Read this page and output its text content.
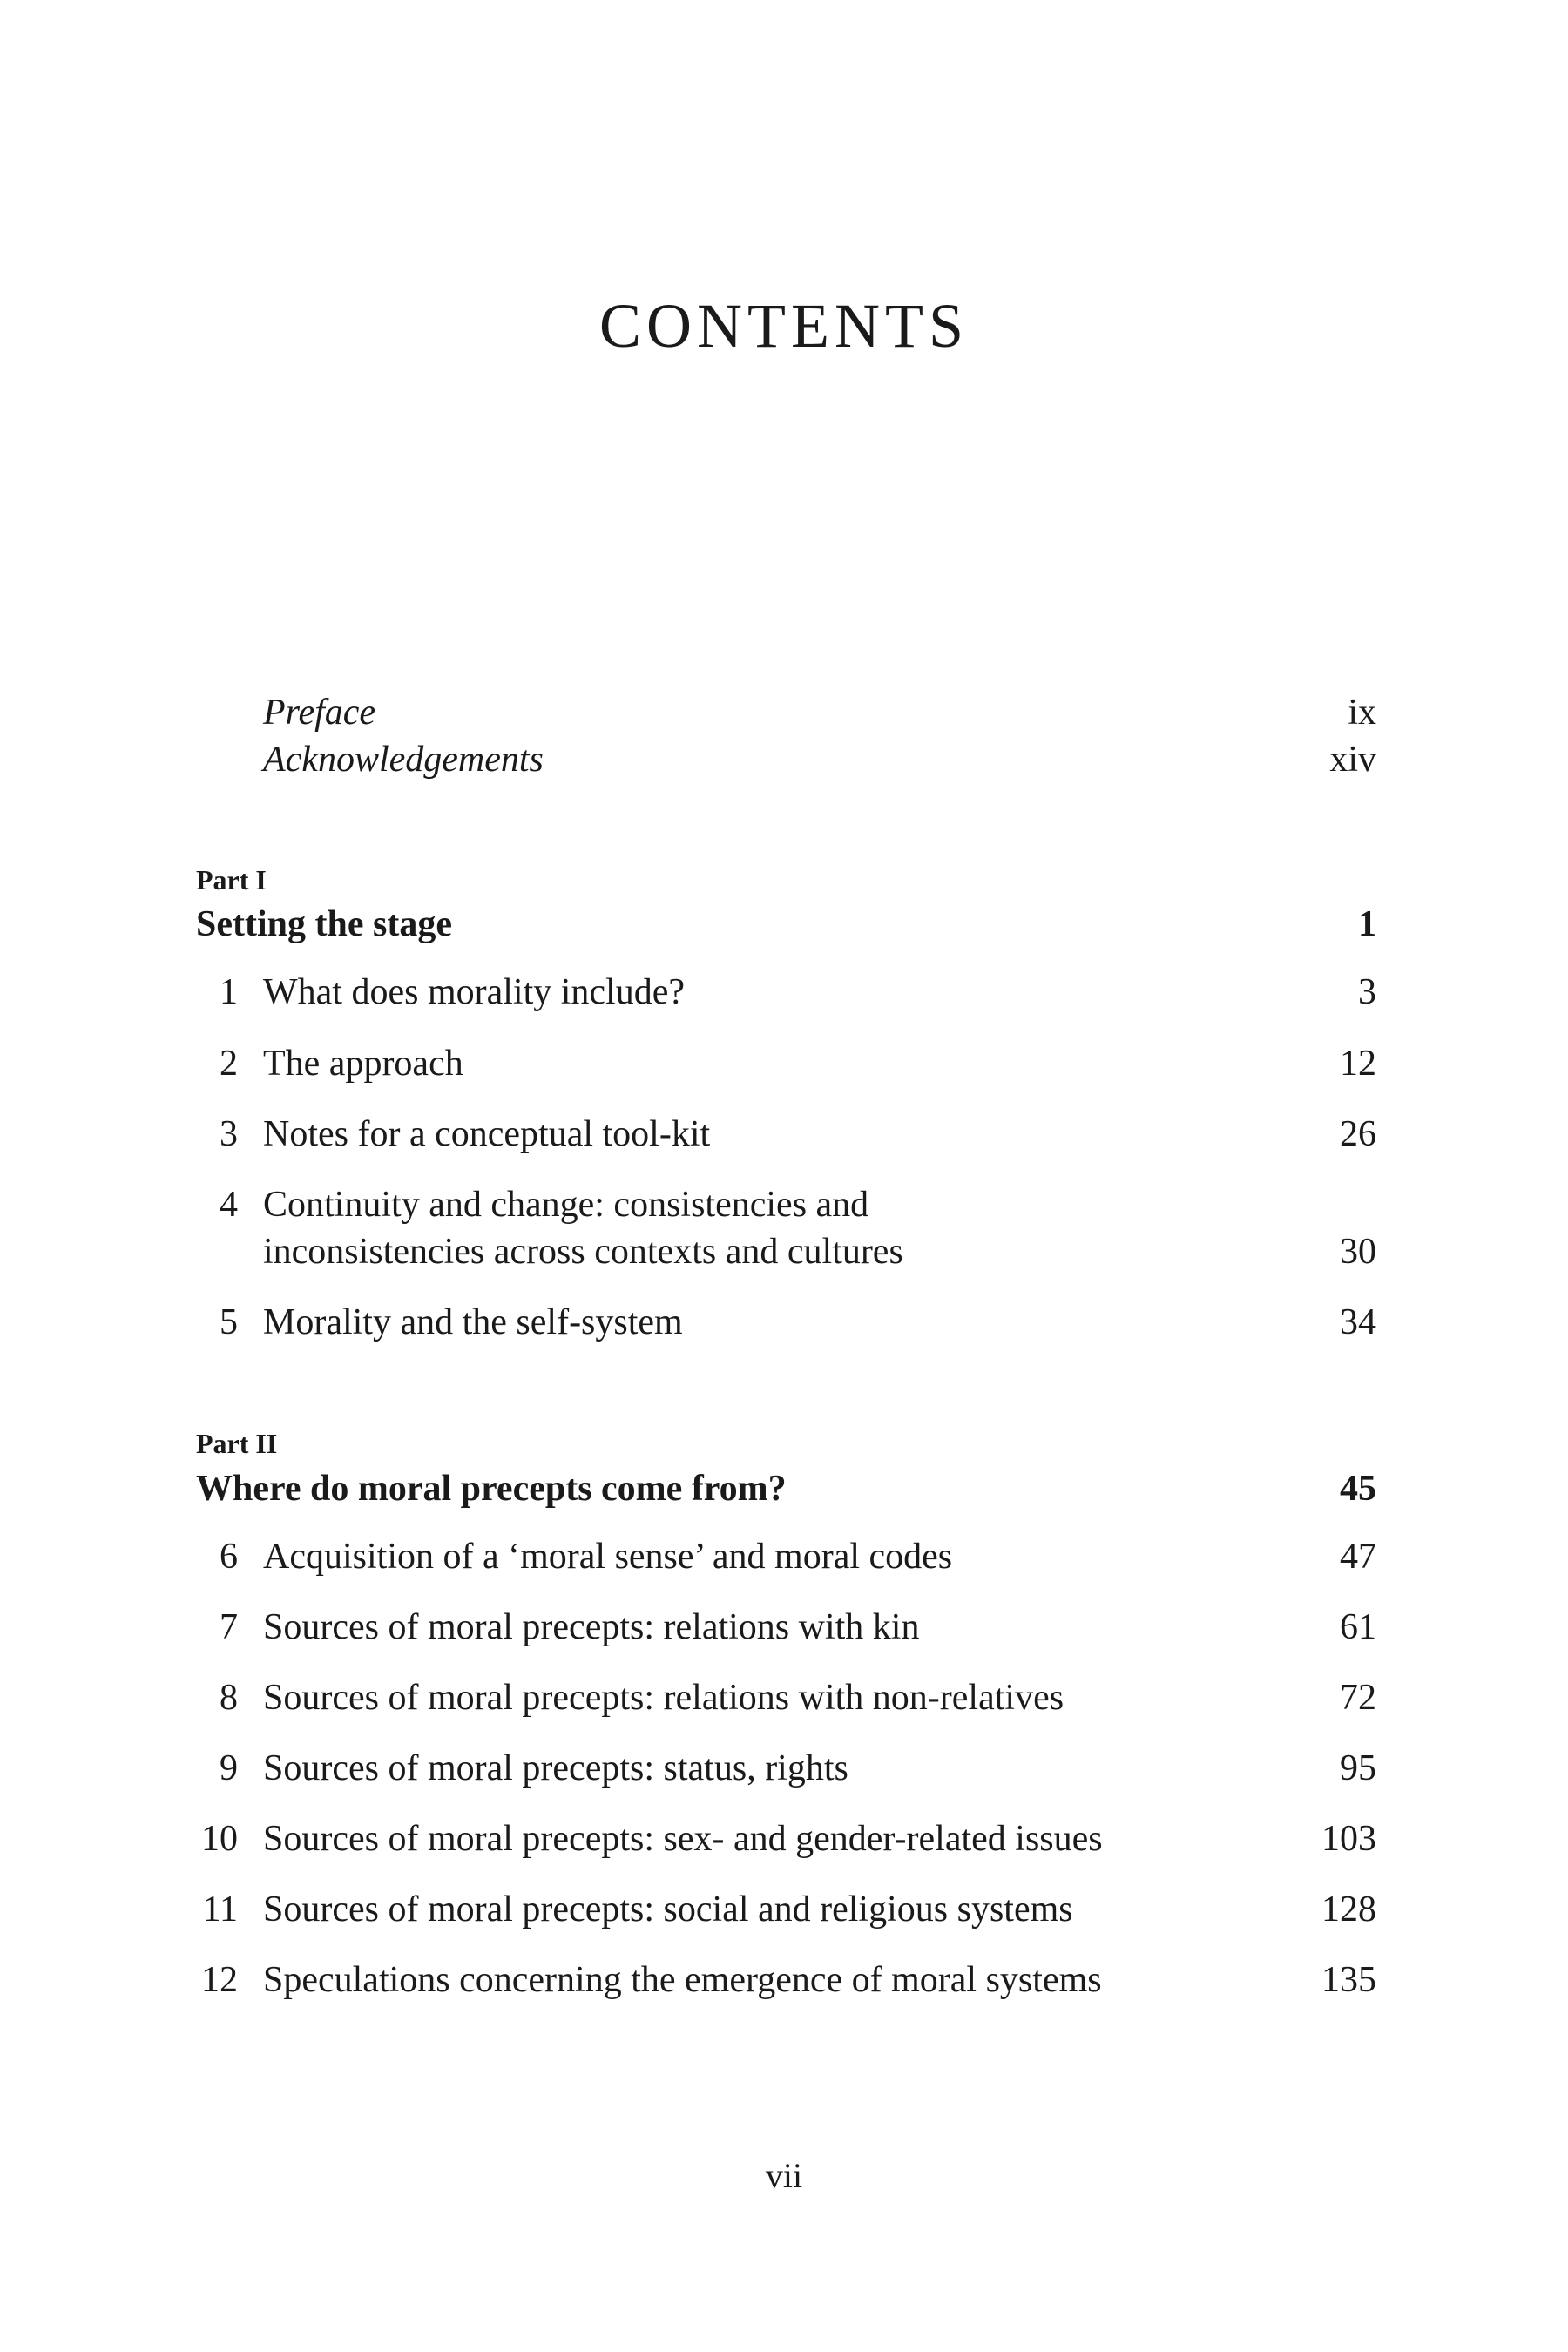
CONTENTS
Preface	ix
Acknowledgements	xiv
Part I
Setting the stage	1
1 What does morality include?	3
2 The approach	12
3 Notes for a conceptual tool-kit	26
4 Continuity and change: consistencies and
inconsistencies across contexts and cultures	30
5 Morality and the self-system	34
Part II
Where do moral precepts come from?	45
6 Acquisition of a ‘moral sense’ and moral codes	47
7 Sources of moral precepts: relations with kin	61
8 Sources of moral precepts: relations with non-relatives	72
9 Sources of moral precepts: status, rights	95
10 Sources of moral precepts: sex- and gender-related issues	103
11 Sources of moral precepts: social and religious systems	128
12 Speculations concerning the emergence of moral systems	135
vii
